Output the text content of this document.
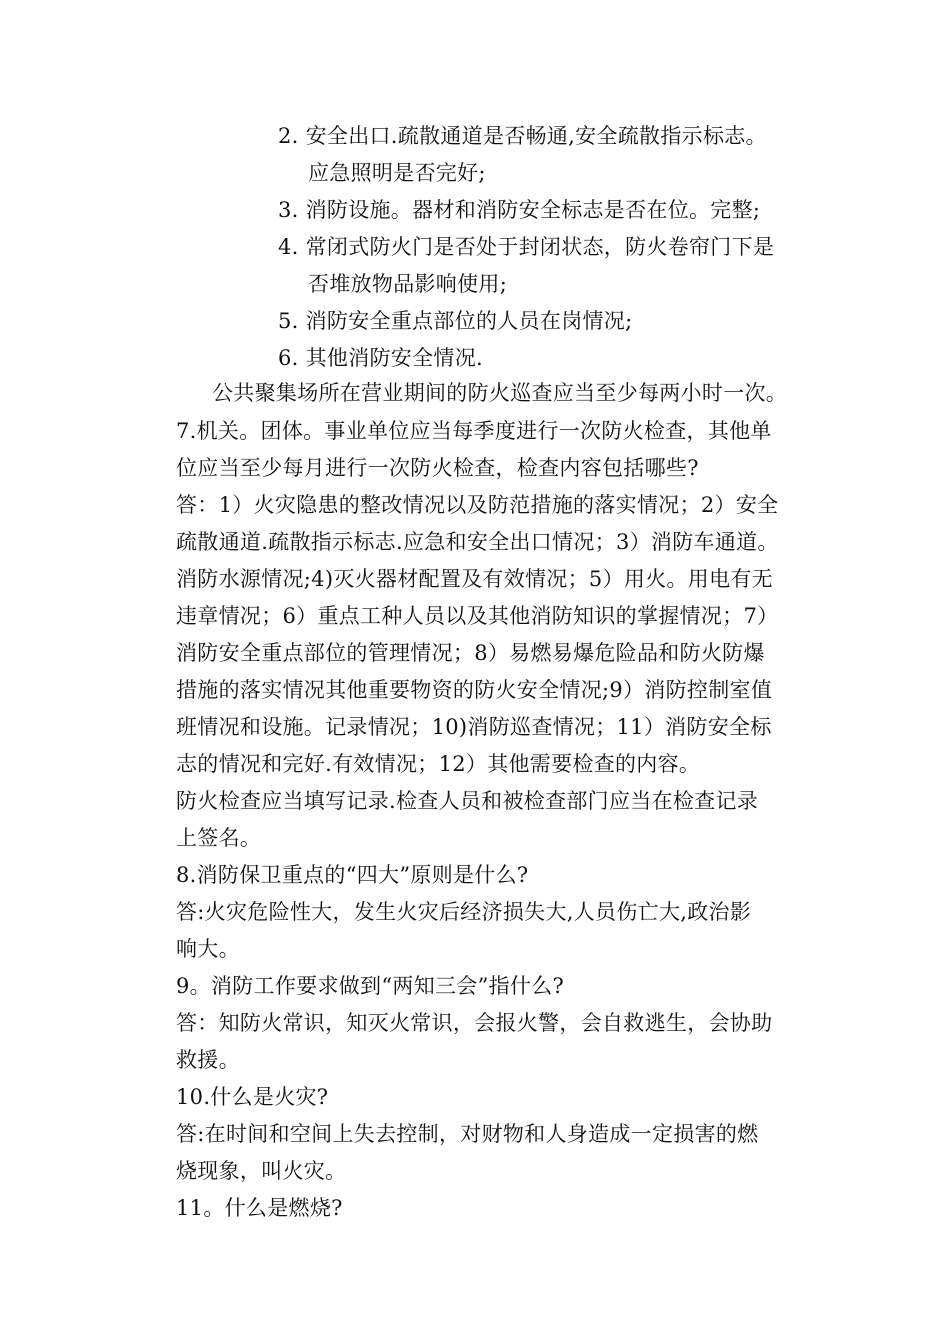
2. 安全出口.疏散通道是否畅通,安全疏散指示标志。
应急照明是否完好;
3. 消防设施。器材和消防安全标志是否在位。完整;
4. 常闭式防火门是否处于封闭状态，防火卷帘门下是
否堆放物品影响使用;
5. 消防安全重点部位的人员在岗情况;
6. 其他消防安全情况.
公共聚集场所在营业期间的防火巡查应当至少每两小时一次。
7.机关。团体。事业单位应当每季度进行一次防火检查，其他单
位应当至少每月进行一次防火检查，检查内容包括哪些?
答：1）火灾隐患的整改情况以及防范措施的落实情况；2）安全
疏散通道.疏散指示标志.应急和安全出口情况；3）消防车通道。
消防水源情况;4)灭火器材配置及有效情况；5）用火。用电有无
违章情况；6）重点工种人员以及其他消防知识的掌握情况；7）
消防安全重点部位的管理情况；8）易燃易爆危险品和防火防爆
措施的落实情况其他重要物资的防火安全情况;9）消防控制室值
班情况和设施。记录情况；10)消防巡查情况；11）消防安全标
志的情况和完好.有效情况；12）其他需要检查的内容。
防火检查应当填写记录.检查人员和被检查部门应当在检查记录
上签名。
8.消防保卫重点的“四大”原则是什么?
答:火灾危险性大，发生火灾后经济损失大,人员伤亡大,政治影
响大。
9。消防工作要求做到“两知三会”指什么?
答：知防火常识，知灭火常识，会报火警，会自救逃生，会协助
救援。
10.什么是火灾?
答:在时间和空间上失去控制，对财物和人身造成一定损害的燃
烧现象，叫火灾。
11。什么是燃烧?
